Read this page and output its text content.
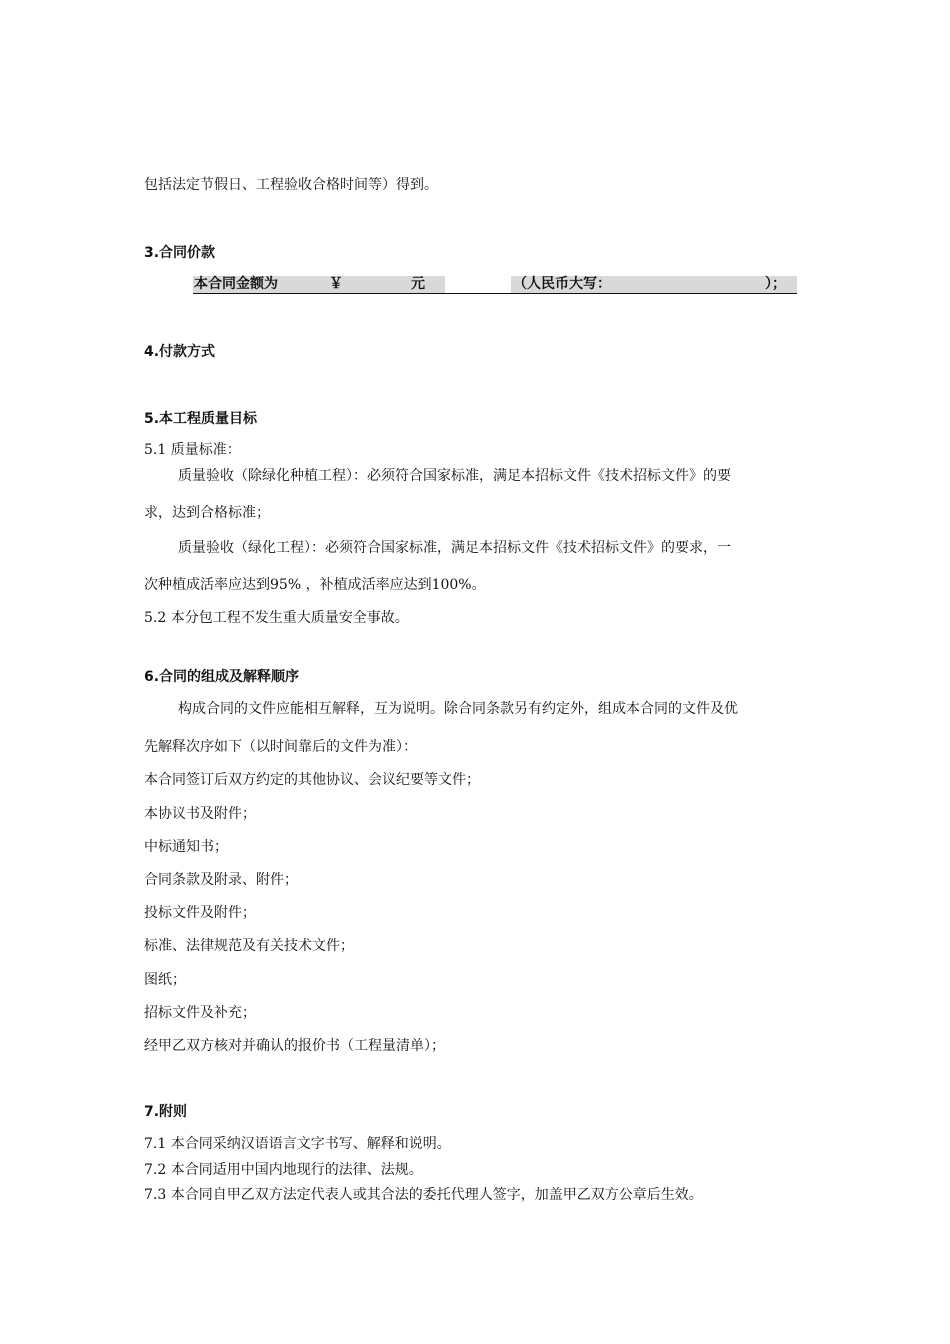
包括法定节假日、工程验收合格时间等）得到。
3.合同价款
本合同金额为	￥	元	（人民币大写：	）；
4.付款方式
5.本工程质量目标
5.1 质量标准：
质量验收（除绿化种植工程）：必须符合国家标准，满足本招标文件《技术招标文件》的要
求，达到合格标准；
质量验收（绿化工程）：必须符合国家标准，满足本招标文件《技术招标文件》的要求，一
次种植成活率应达到95% ，补植成活率应达到100%。
5.2 本分包工程不发生重大质量安全事故。
6.合同的组成及解释顺序
构成合同的文件应能相互解释，互为说明。除合同条款另有约定外，组成本合同的文件及优
先解释次序如下（以时间靠后的文件为准）：
本合同签订后双方约定的其他协议、会议纪要等文件；
本协议书及附件；
中标通知书；
合同条款及附录、附件；
投标文件及附件；
标准、法律规范及有关技术文件；
图纸；
招标文件及补充；
经甲乙双方核对并确认的报价书（工程量清单）；
7.附则
7.1 本合同采纳汉语语言文字书写、解释和说明。
7.2 本合同适用中国内地现行的法律、法规。
7.3 本合同自甲乙双方法定代表人或其合法的委托代理人签字，加盖甲乙双方公章后生效。
